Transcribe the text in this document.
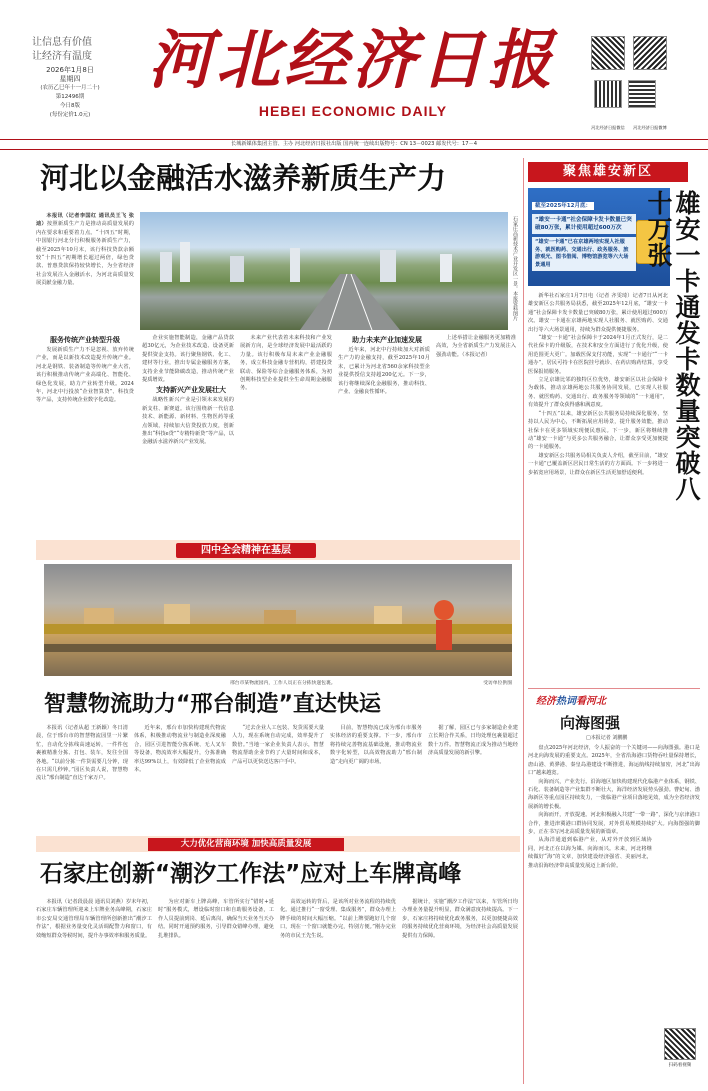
让信息有价值
让经济有温度
2026年1月8日
星期四
(农历乙巳年十一月二十)
第12496期
今日8版
(每份定价1.0元)
河北经济日报
HEBEI ECONOMIC DAILY
河北经济日报微信	河北经济日报微博
长城新媒体集团主管、主办 河北经济日报社出版 国内统一连续出版物号：CN 13－0023 邮发代号：17－4
河北以金融活水滋养新质生产力

本报讯（记者李国红 通讯员王飞 张迪）按照新质生产力是推动高质量发展的内在要求和重要着力点。“十四五”时期，中国银行河北分行积极服务新质生产力，截至2025年10月末，该行科技贷款余额较“十四五”初期增长超过两倍，绿色贷款、普惠贷款保持较快增长，为全省经济社会发展注入金融活水，为河北高质量发展贡献金融力量。	石家庄高新技术产业开发区一景。本报资料图片

服务传统产业转型升级

发展新质生产力不是忽视、放弃传统产业，而是以新技术改造提升传统产业。河北是钢铁、装备制造等传统产业大省，该行积极推动传统产业高端化、智能化、绿色化发展，助力产业转型升级。2024年，河北中行投放“企业智算贷”、科技贷等产品，支持传统企业数字化改造。

企业实施智能制造，金融产品贷款超30亿元，为企业技术改造、设备更新提供资金支持。该行聚焦钢铁、化工、建材等行业，推出专属金融服务方案，支持企业节能降碳改造，推动传统产业提质增效。

支持新兴产业发展壮大

战略性新兴产业是引领未来发展的新支柱、新赛道。该行围绕新一代信息技术、新能源、新材料、生物医药等重点领域，持续加大信贷投放力度，创新推出“科技e贷”“专精特新贷”等产品，以金融活水滋养新兴产业发展。

未来产业代表着未来科技和产业发展新方向，是全球经济发展中最活跃的力量。该行积极布局未来产业金融服务，成立科技金融专营机构，搭建投贷联动、保险等综合金融服务体系，为初创期科技型企业提供全生命周期金融服务。

助力未来产业加速发展

近年来，河北中行持续加大对新质生产力的金融支持，截至2025年10月末，已累计为河北省560余家科技型企业提供授信支持超200亿元。下一步，该行将继续深化金融服务，推动科技、产业、金融良性循环。

上述举措让金融服务更加精准高效，为全省新质生产力发展注入强劲动能。（本报记者）

聚焦雄安新区
截至2025年12月底：
“雄安一卡通”社会保障卡发卡数量已突破80万张，累计使用超过600万次
“雄安一卡通”已在京雄两地实现人社服务、就医购药、交通出行、政务服务、旅游观光、图书借阅、博物馆游览等六大场景通用	雄安一卡通发卡数量突破八十万张

新华社石家庄1月7日电（记者 齐雯琦）记者7日从河北雄安新区公共服务局获悉，截至2025年12月底，“雄安一卡通”社会保障卡发卡数量已突破80万张，累计使用超过600万次。雄安一卡通在京雄两地实现人社服务、就医购药、交通出行等六大场景通用，持续为群众提供便捷服务。

“雄安一卡通”社会保障卡于2024年1月正式发行，是二代社保卡的升级版，在技术和安全方面进行了优化升级，使用范围更大更广。加载医保支付功能，实现“一卡通行”“一卡通办”，居民可持卡在医院挂号就诊、在药店购药结算，享受医保报销服务。

立足京雄比邻的独特区位优势，雄安新区以社会保障卡为载体，推动京雄两地公共服务协同发展，已实现人社服务、就医购药、交通出行、政务服务等领域的“一卡通用”，有效提升了群众获得感和满意度。

“十四五”以来，雄安新区公共服务局持续深化服务，坚持以人民为中心，不断拓展应用场景，提升服务效能，推动社保卡在更多领域实现便民惠民。下一步，新区将继续推动“雄安一卡通”与更多公共服务融合，让群众享受更加便捷的一卡通服务。

雄安新区公共服务局相关负责人介绍，截至目前，“雄安一卡通”已覆盖新区居民日常生活的方方面面。下一步将进一步拓宽应用场景，让群众在新区生活更加舒适便利。

四中全会精神在基层
邢台市某物流园内，工作人员正在分拣快递包裹。	受访单位供图
智慧物流助力“邢台制造”直达快运

本报讯（记者从超 王新颖）冬日清晨，位于邢台市的智慧物流园里一片繁忙，自动化分拣线高速运转，一件件包裹被精准分拣、打包、装车，发往全国各地。“以前分拣一件货需要几分钟，现在只需几秒钟。”园区负责人说，智慧物流让“邢台制造”直达千家万户。

近年来，邢台市加快构建现代物流体系，积极推动物流业与制造业深度融合，园区引进智能分拣系统、无人叉车等设备，物流效率大幅提升，分拣准确率达99%以上，有效降低了企业物流成本。

“过去企业人工包装、发货需要大量人力，现在系统自动完成，效率提升了数倍。”当地一家企业负责人表示，智慧物流帮助企业节约了大量时间和成本，产品可以更快送达客户手中。

目前，智慧物流已成为邢台市服务实体经济的重要支撑。下一步，邢台市将持续完善物流基础设施，推动物流业数字化转型，以高效物流助力“邢台制造”走向更广阔的市场。

据了解，园区已与多家制造企业建立长期合作关系，日均处理包裹量超过数十万件。智慧物流正成为推动当地经济高质量发展的新引擎。

经济热词看河北
向海图强
□本报记者 刘鹏鹏

盘点2025年河北经济，令人振奋的一个关键词——向海图强。港口是河北向海发展的重要支点。2025年，全省沿海港口货物吞吐量保持增长，唐山港、黄骅港、秦皇岛港建设不断推进，海运航线持续加密，河北“出海口”越来越宽。

向海而兴，产业先行。沿海地区加快构建现代化临港产业体系，钢铁、石化、装备制造等产业集群不断壮大，海洋经济发展势头强劲。曹妃甸、渤海新区等重点园区持续发力，一批临港产业项目落地见效，成为全省经济发展新的增长极。

向海而开，开放提速。河北积极融入共建“一带一路”，深化与京津港口合作，推进津冀港口群协同发展，对外贸易规模持续扩大。向海图强的脚步，正在书写河北高质量发展的新篇章。

从海洋通道到临港产业，从对外开放到区域协同，河北正在以海为媒、向海而兴。未来，河北将继续做好“海”的文章，加快建设经济强省、美丽河北，推动沿海经济带高质量发展迈上新台阶。

扫码看视频
大力优化营商环境 加快高质量发展
石家庄创新“潮汐工作法”应对上车牌高峰

本报讯（记者段晨晨 通讯员刘燕）岁末年初，石家庄车辆管理所迎来上车牌业务高峰期，石家庄市公安局交通管理局车辆管理所创新推出“潮汐工作法”，根据业务量变化灵活调配警力和窗口，有效缩短群众等候时间，提升办事效率和服务质量。

为应对新车上牌高峰，车管所实行“错时+延时”服务模式，增设临时窗口和自助服务设备，工作人员提前到岗、延后离岗，确保当天业务当天办结。同时开通预约服务，引导群众错峰办理，避免扎堆排队。

高效运转的背后，是该所对业务流程的持续优化。通过推行“一窗受理、集成服务”，群众办理上牌手续的时间大幅压缩。“以前上牌要跑好几个窗口，现在一个窗口就能办完，特别方便。”刚办完业务的市民王先生说。

据统计，实施“潮汐工作法”以来，车管所日均办理业务量提升明显，群众满意度持续提高。下一步，石家庄将持续优化政务服务，以更加便捷高效的服务持续优化营商环境，为经济社会高质量发展提供有力保障。
